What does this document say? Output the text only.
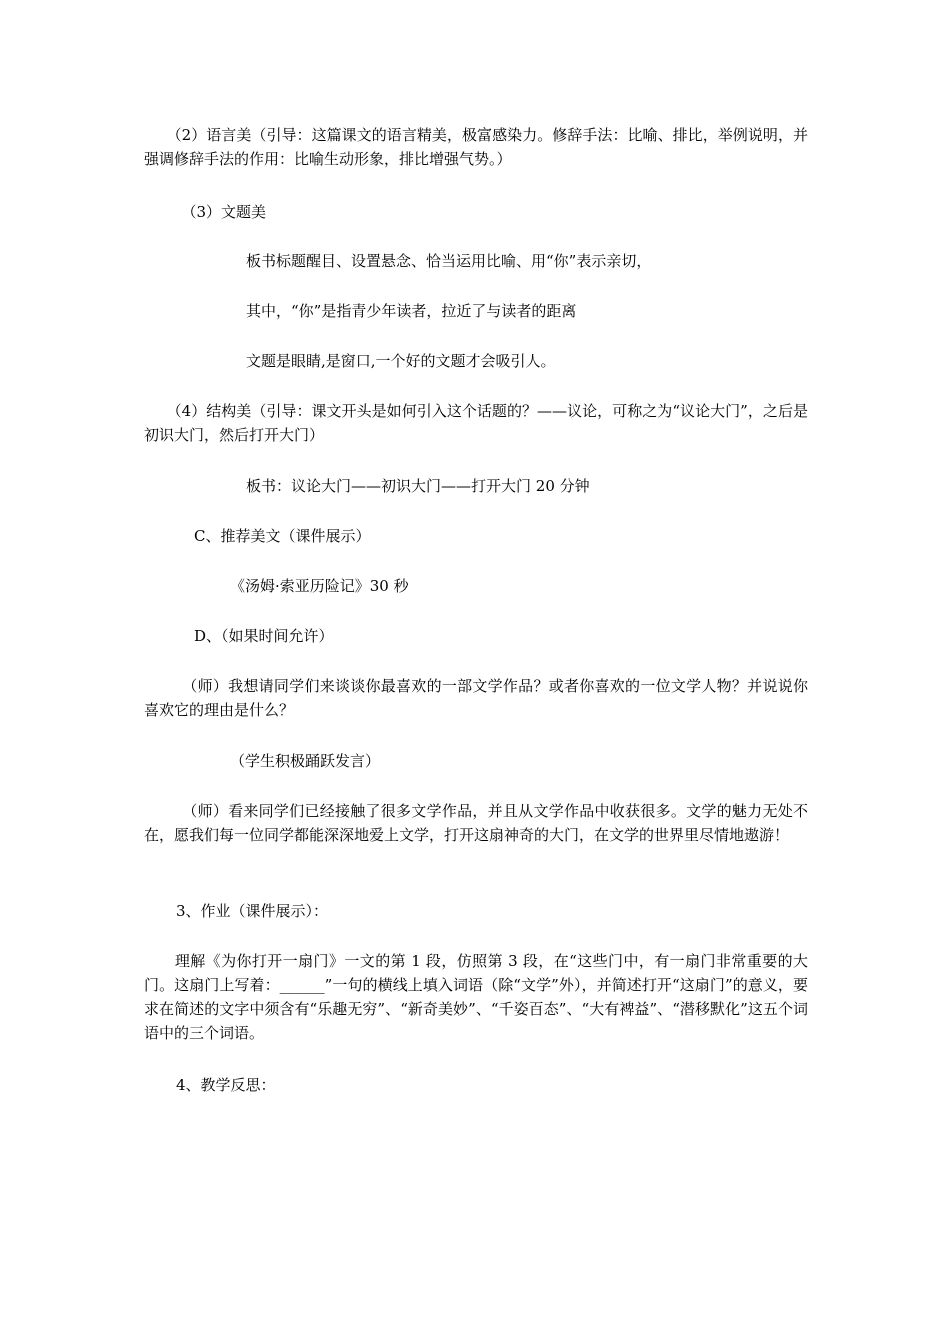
　　（2）语言美（引导：这篇课文的语言精美，极富感染力。修辞手法：比喻、排比，举例说明，并强调修辞手法的作用：比喻生动形象，排比增强气势。）

　　　（3）文题美

板书标题醒目、设置悬念、恰当运用比喻、用“你”表示亲切，

其中，“你”是指青少年读者，拉近了与读者的距离

文题是眼睛,是窗口,一个好的文题才会吸引人。

　　（4）结构美（引导：课文开头是如何引入这个话题的？——议论，可称之为“议论大门”，之后是初识大门，然后打开大门）

板书：议论大门——初识大门——打开大门 20 分钟

C、推荐美文（课件展示）

《汤姆·索亚历险记》30 秒

D、（如果时间允许）

　　　（师）我想请同学们来谈谈你最喜欢的一部文学作品？或者你喜欢的一位文学人物？并说说你喜欢它的理由是什么？

（学生积极踊跃发言）

　　　（师）看来同学们已经接触了很多文学作品，并且从文学作品中收获很多。文学的魅力无处不在，愿我们每一位同学都能深深地爱上文学，打开这扇神奇的大门，在文学的世界里尽情地遨游！

3、作业（课件展示）：

　　理解《为你打开一扇门》一文的第 1 段，仿照第 3 段，在“这些门中，有一扇门非常重要的大门。这扇门上写着：______”一句的横线上填入词语（除“文学”外），并简述打开“这扇门”的意义，要求在简述的文字中须含有“乐趣无穷”、“新奇美妙”、“千姿百态”、“大有裨益”、“潜移默化”这五个词语中的三个词语。

4、教学反思：
